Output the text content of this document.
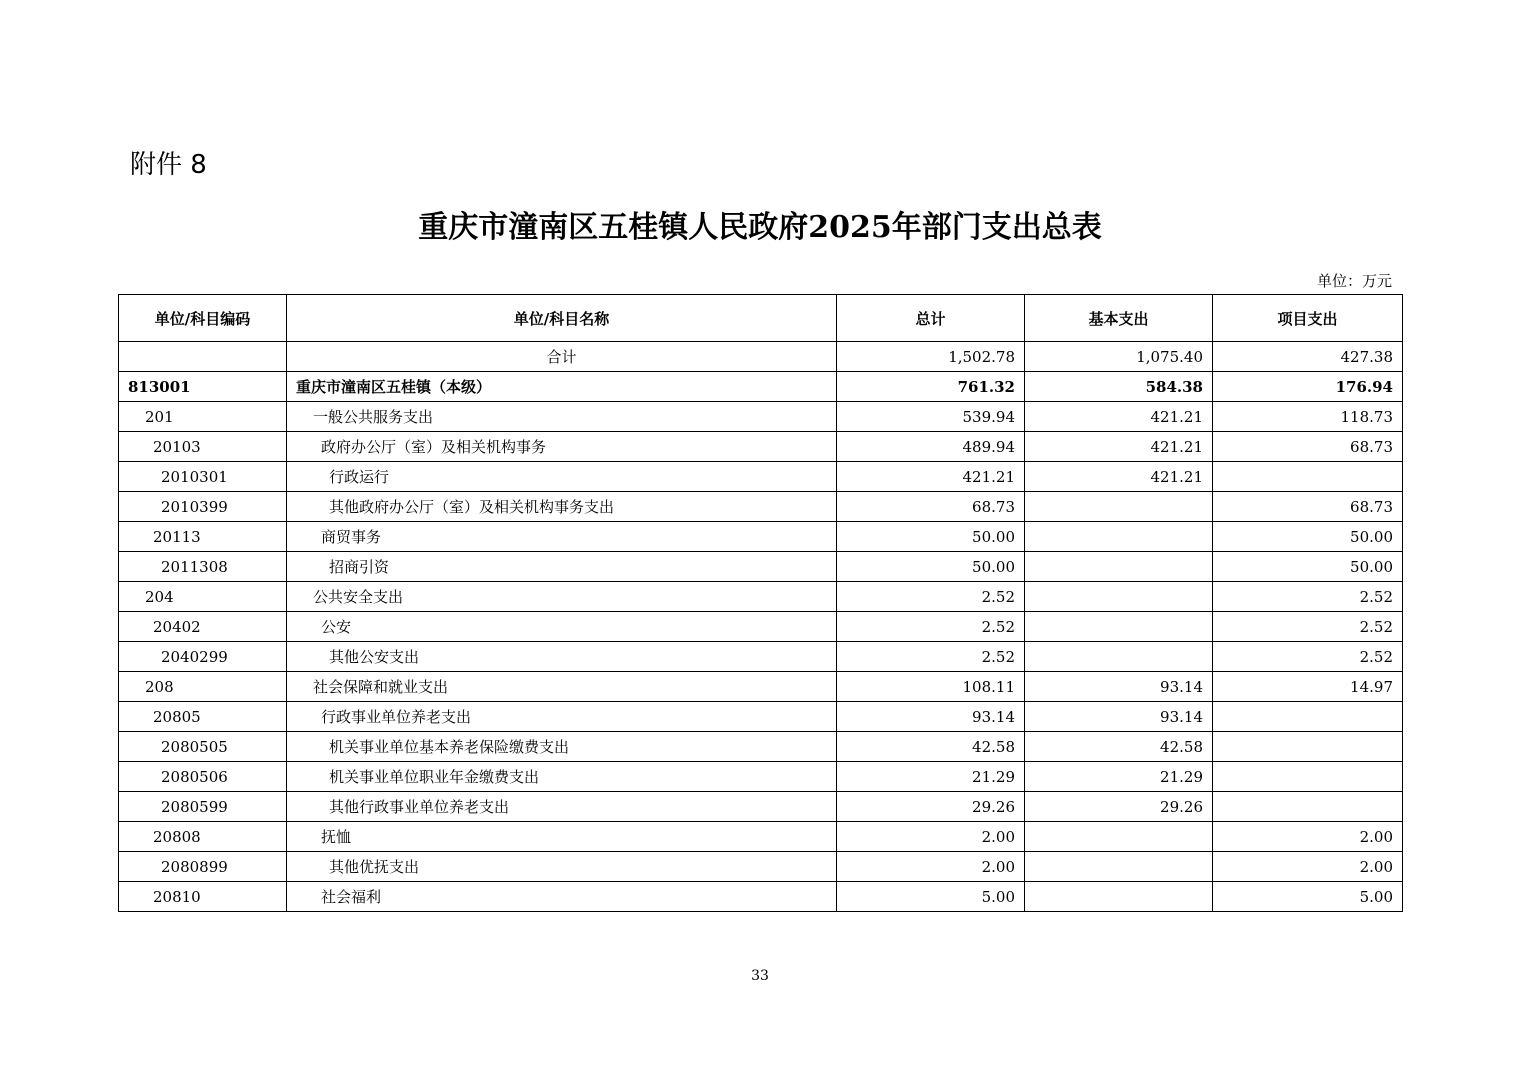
附件 8
重庆市潼南区五桂镇人民政府2025年部门支出总表
单位：万元
单位/科目编码	单位/科目名称	总计	基本支出	项目支出
	合计	1,502.78	1,075.40	427.38
813001	重庆市潼南区五桂镇（本级）	761.32	584.38	176.94
201	一般公共服务支出	539.94	421.21	118.73
20103	政府办公厅（室）及相关机构事务	489.94	421.21	68.73
2010301	行政运行	421.21	421.21	
2010399	其他政府办公厅（室）及相关机构事务支出	68.73		68.73
20113	商贸事务	50.00		50.00
2011308	招商引资	50.00		50.00
204	公共安全支出	2.52		2.52
20402	公安	2.52		2.52
2040299	其他公安支出	2.52		2.52
208	社会保障和就业支出	108.11	93.14	14.97
20805	行政事业单位养老支出	93.14	93.14	
2080505	机关事业单位基本养老保险缴费支出	42.58	42.58	
2080506	机关事业单位职业年金缴费支出	21.29	21.29	
2080599	其他行政事业单位养老支出	29.26	29.26	
20808	抚恤	2.00		2.00
2080899	其他优抚支出	2.00		2.00
20810	社会福利	5.00		5.00
33
